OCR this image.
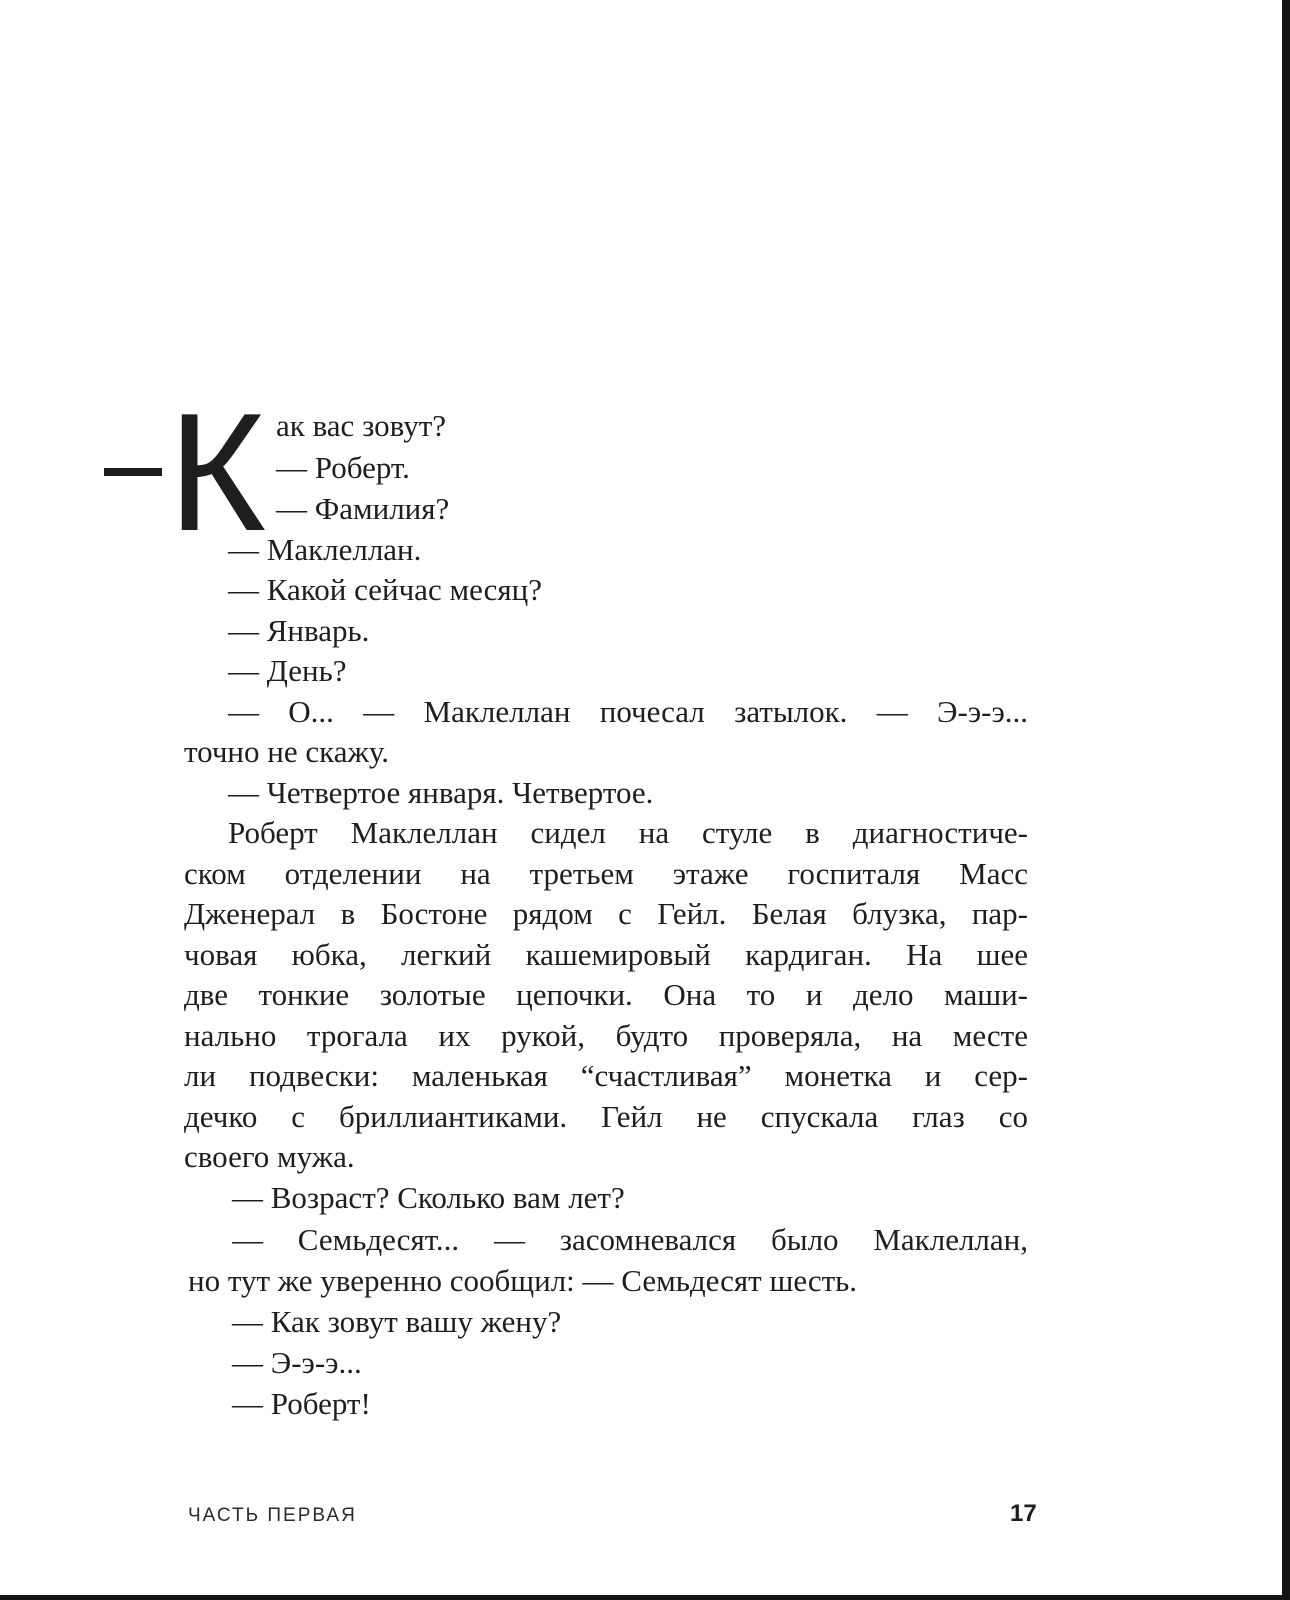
К ак вас зовут?
— Роберт.
— Фамилия?
— Маклеллан.
— Какой сейчас месяц?
— Январь.
— День?
— О... — Маклеллан почесал затылок. — Э-э-э...
точно не скажу.
— Четвертое января. Четвертое.
Роберт Маклеллан сидел на стуле в диагностиче-
ском отделении на третьем этаже госпиталя Масс
Дженерал в Бостоне рядом с Гейл. Белая блузка, пар-
човая юбка, легкий кашемировый кардиган. На шее
две тонкие золотые цепочки. Она то и дело маши-
нально трогала их рукой, будто проверяла, на месте
ли подвески: маленькая “счастливая” монетка и сер-
дечко с бриллиантиками. Гейл не спускала глаз со
своего мужа.
— Возраст? Сколько вам лет?
— Семьдесят... — засомневался было Маклеллан,
но тут же уверенно сообщил: — Семьдесят шесть.
— Как зовут вашу жену?
— Э-э-э...
— Роберт!
ЧАСТЬ ПЕРВАЯ	17
